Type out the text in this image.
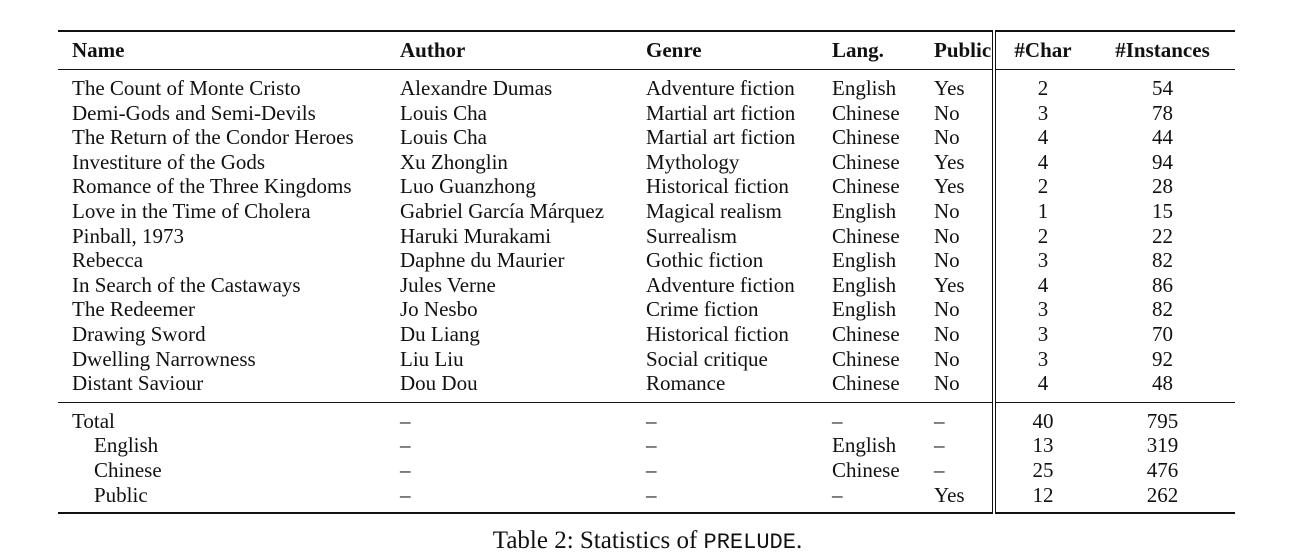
Name	Author	Genre	Lang.	Public	#Char	#Instances
The Count of Monte Cristo	Alexandre Dumas	Adventure fiction	English	Yes	2	54
Demi-Gods and Semi-Devils	Louis Cha	Martial art fiction	Chinese	No	3	78
The Return of the Condor Heroes	Louis Cha	Martial art fiction	Chinese	No	4	44
Investiture of the Gods	Xu Zhonglin	Mythology	Chinese	Yes	4	94
Romance of the Three Kingdoms	Luo Guanzhong	Historical fiction	Chinese	Yes	2	28
Love in the Time of Cholera	Gabriel García Márquez	Magical realism	English	No	1	15
Pinball, 1973	Haruki Murakami	Surrealism	Chinese	No	2	22
Rebecca	Daphne du Maurier	Gothic fiction	English	No	3	82
In Search of the Castaways	Jules Verne	Adventure fiction	English	Yes	4	86
The Redeemer	Jo Nesbo	Crime fiction	English	No	3	82
Drawing Sword	Du Liang	Historical fiction	Chinese	No	3	70
Dwelling Narrowness	Liu Liu	Social critique	Chinese	No	3	92
Distant Saviour	Dou Dou	Romance	Chinese	No	4	48
Total	–	–	–	–	40	795
English	–	–	English	–	13	319
Chinese	–	–	Chinese	–	25	476
Public	–	–	–	Yes	12	262
Table 2: Statistics of PRELUDE.
